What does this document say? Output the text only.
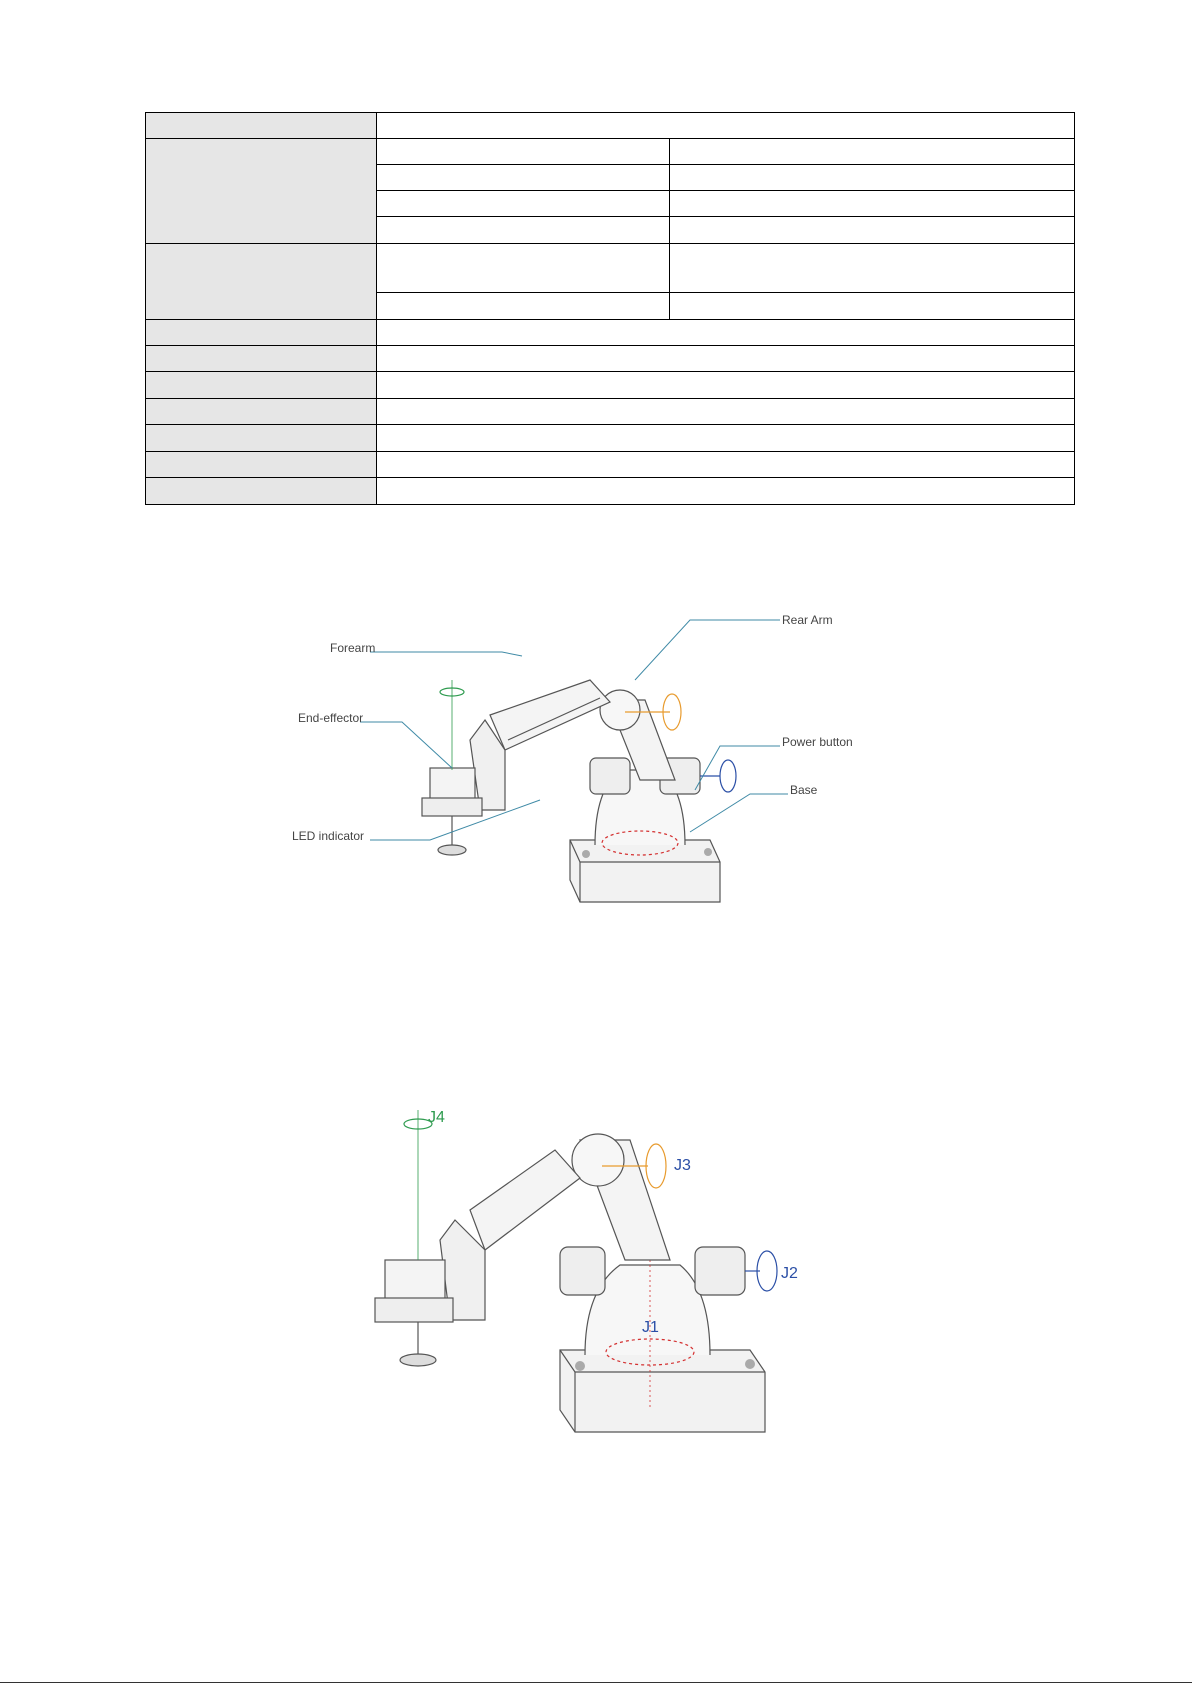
Forearm
Rear Arm
End-effector
Power button
Base
LED indicator
J4
J3
J2
J1
